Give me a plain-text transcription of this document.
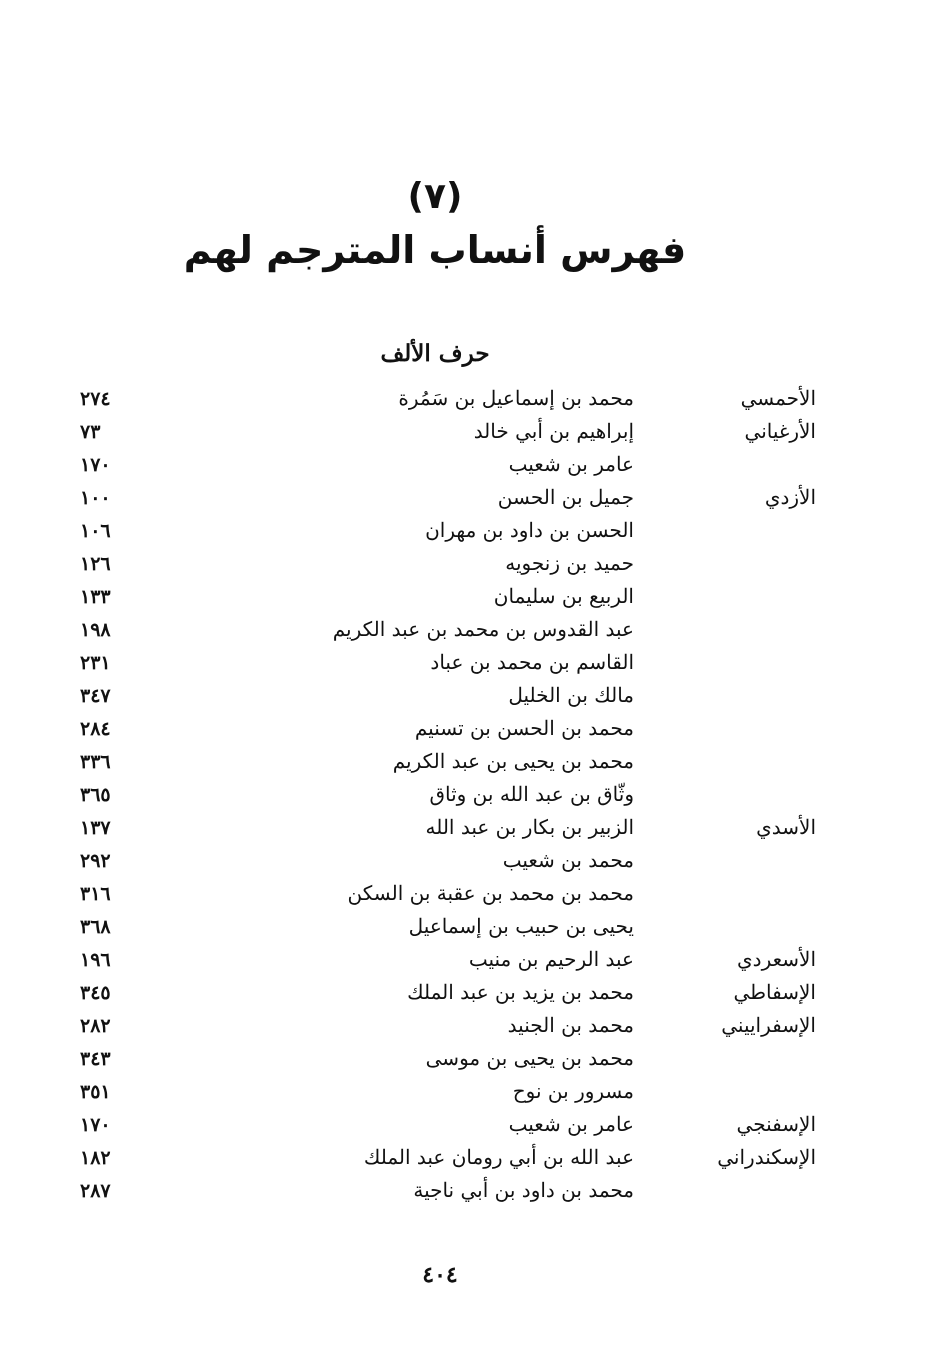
(٧)
فهرس أنساب المترجم لهم
حرف الألف
الأحمسي
محمد بن إسماعيل بن سَمُرة
٢٧٤
الأرغياني
إبراهيم بن أبي خالد
٧٣
عامر بن شعيب
١٧٠
الأزدي
جميل بن الحسن
١٠٠
الحسن بن داود بن مهران
١٠٦
حميد بن زنجويه
١٢٦
الربيع بن سليمان
١٣٣
عبد القدوس بن محمد بن عبد الكريم
١٩٨
القاسم بن محمد بن عباد
٢٣١
مالك بن الخليل
٣٤٧
محمد بن الحسن بن تسنيم
٢٨٤
محمد بن يحيى بن عبد الكريم
٣٣٦
وثّاق بن عبد الله بن وثاق
٣٦٥
الأسدي
الزبير بن بكار بن عبد الله
١٣٧
محمد بن شعيب
٢٩٢
محمد بن محمد بن عقبة بن السكن
٣١٦
يحيى بن حبيب بن إسماعيل
٣٦٨
الأسعردي
عبد الرحيم بن منيب
١٩٦
الإسفاطي
محمد بن يزيد بن عبد الملك
٣٤٥
الإسفراييني
محمد بن الجنيد
٢٨٢
محمد بن يحيى بن موسى
٣٤٣
مسرور بن نوح
٣٥١
الإسفنجي
عامر بن شعيب
١٧٠
الإسكندراني
عبد الله بن أبي رومان عبد الملك
١٨٢
محمد بن داود بن أبي ناجية
٢٨٧
٤٠٤
